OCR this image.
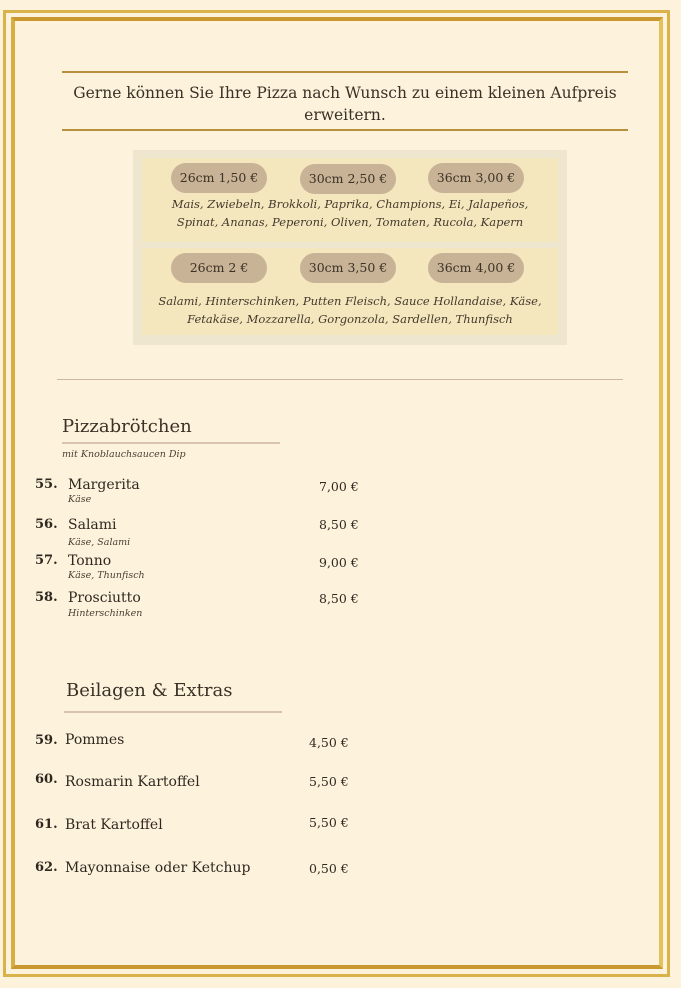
Gerne können Sie Ihre Pizza nach Wunsch zu einem kleinen Aufpreis erweitern.
26cm 1,50 €	30cm 2,50 €	36cm 3,00 €
Mais, Zwiebeln, Brokkoli, Paprika, Champions, Ei, Jalapeños, Spinat, Ananas, Peperoni, Oliven, Tomaten, Rucola, Kapern
26cm 2 €	30cm 3,50 €	36cm 4,00 €
Salami, Hinterschinken, Putten Fleisch, Sauce Hollandaise, Käse, Fetakäse, Mozzarella, Gorgonzola, Sardellen, Thunfisch
Pizzabrötchen
mit Knoblauchsaucen Dip
55. Margerita
Käse
7,00 €
56. Salami
Käse, Salami
8,50 €
57. Tonno
Käse, Thunfisch
9,00 €
58. Prosciutto
Hinterschinken
8,50 €
Beilagen & Extras
59. Pommes	4,50 €
60. Rosmarin Kartoffel	5,50 €
61. Brat Kartoffel	5,50 €
62. Mayonnaise oder Ketchup	0,50 €
